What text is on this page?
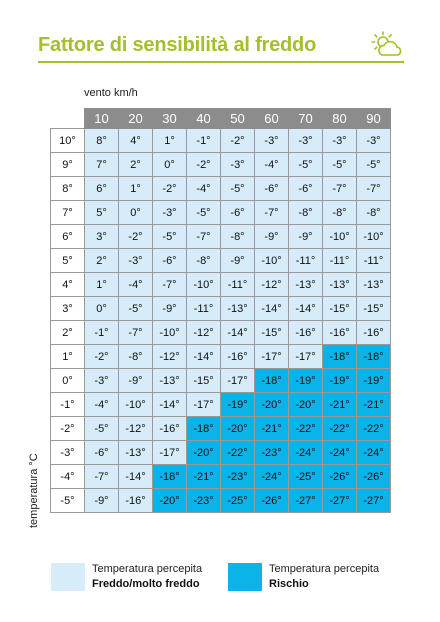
Fattore di sensibilità al freddo
vento km/h
temperatura °C
	10	20	30	40	50	60	70	80	90
10°	8°	4°	1°	-1°	-2°	-3°	-3°	-3°	-3°
9°	7°	2°	0°	-2°	-3°	-4°	-5°	-5°	-5°
8°	6°	1°	-2°	-4°	-5°	-6°	-6°	-7°	-7°
7°	5°	0°	-3°	-5°	-6°	-7°	-8°	-8°	-8°
6°	3°	-2°	-5°	-7°	-8°	-9°	-9°	-10°	-10°
5°	2°	-3°	-6°	-8°	-9°	-10°	-11°	-11°	-11°
4°	1°	-4°	-7°	-10°	-11°	-12°	-13°	-13°	-13°
3°	0°	-5°	-9°	-11°	-13°	-14°	-14°	-15°	-15°
2°	-1°	-7°	-10°	-12°	-14°	-15°	-16°	-16°	-16°
1°	-2°	-8°	-12°	-14°	-16°	-17°	-17°	-18°	-18°
0°	-3°	-9°	-13°	-15°	-17°	-18°	-19°	-19°	-19°
-1°	-4°	-10°	-14°	-17°	-19°	-20°	-20°	-21°	-21°
-2°	-5°	-12°	-16°	-18°	-20°	-21°	-22°	-22°	-22°
-3°	-6°	-13°	-17°	-20°	-22°	-23°	-24°	-24°	-24°
-4°	-7°	-14°	-18°	-21°	-23°	-24°	-25°	-26°	-26°
-5°	-9°	-16°	-20°	-23°	-25°	-26°	-27°	-27°	-27°
Temperatura percepita
Freddo/molto freddo
Temperatura percepita
Rischio
